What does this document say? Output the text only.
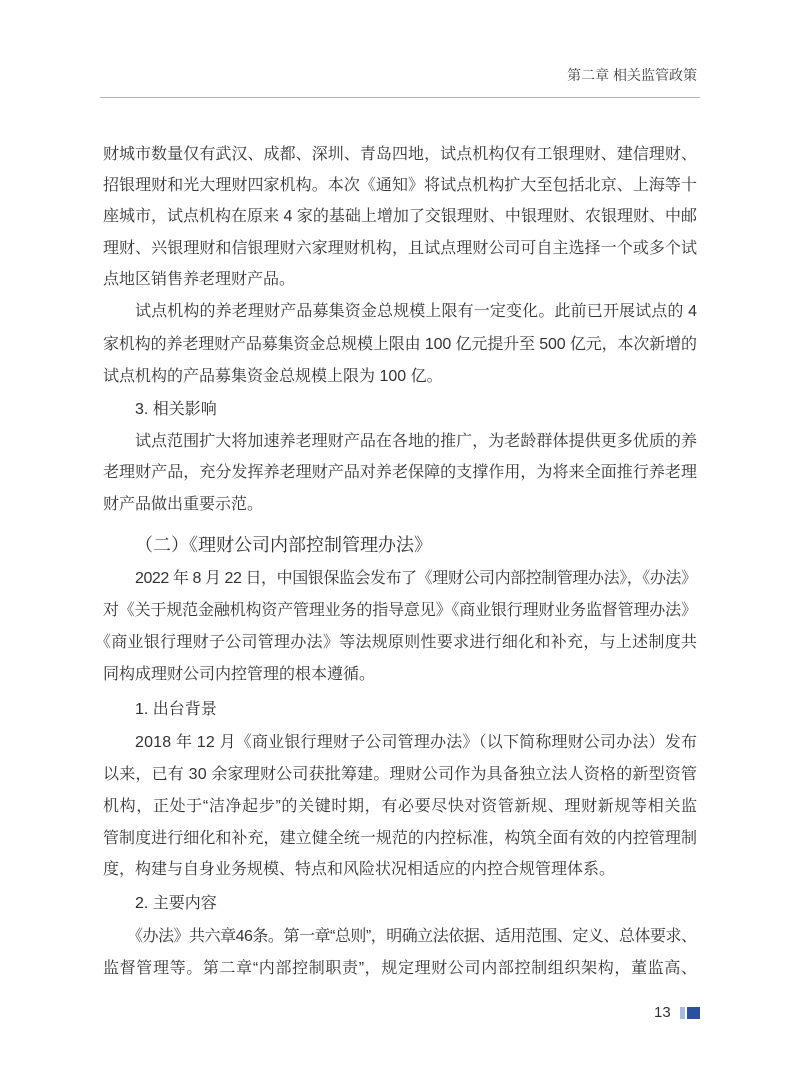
第二章 相关监管政策
财城市数量仅有武汉、成都、深圳、青岛四地，试点机构仅有工银理财、建信理财、
招银理财和光大理财四家机构。本次《通知》将试点机构扩大至包括北京、上海等十
座城市，试点机构在原来 4 家的基础上增加了交银理财、中银理财、农银理财、中邮
理财、兴银理财和信银理财六家理财机构，且试点理财公司可自主选择一个或多个试
点地区销售养老理财产品。
试点机构的养老理财产品募集资金总规模上限有一定变化。此前已开展试点的 4
家机构的养老理财产品募集资金总规模上限由 100 亿元提升至 500 亿元，本次新增的
试点机构的产品募集资金总规模上限为 100 亿。
3. 相关影响
试点范围扩大将加速养老理财产品在各地的推广，为老龄群体提供更多优质的养
老理财产品，充分发挥养老理财产品对养老保障的支撑作用，为将来全面推行养老理
财产品做出重要示范。
（二）《理财公司内部控制管理办法》
2022 年 8 月 22 日，中国银保监会发布了《理财公司内部控制管理办法》，《办法》
对《关于规范金融机构资产管理业务的指导意见》《商业银行理财业务监督管理办法》
《商业银行理财子公司管理办法》等法规原则性要求进行细化和补充，与上述制度共
同构成理财公司内控管理的根本遵循。
1. 出台背景
2018 年 12 月《商业银行理财子公司管理办法》（以下简称理财公司办法）发布
以来，已有 30 余家理财公司获批筹建。理财公司作为具备独立法人资格的新型资管
机构，正处于“洁净起步”的关键时期，有必要尽快对资管新规、理财新规等相关监
管制度进行细化和补充，建立健全统一规范的内控标准，构筑全面有效的内控管理制
度，构建与自身业务规模、特点和风险状况相适应的内控合规管理体系。
2. 主要内容
《办法》共六章46条。第一章“总则”，明确立法依据、适用范围、定义、总体要求、
监督管理等。第二章“内部控制职责”，规定理财公司内部控制组织架构，董监高、
13
